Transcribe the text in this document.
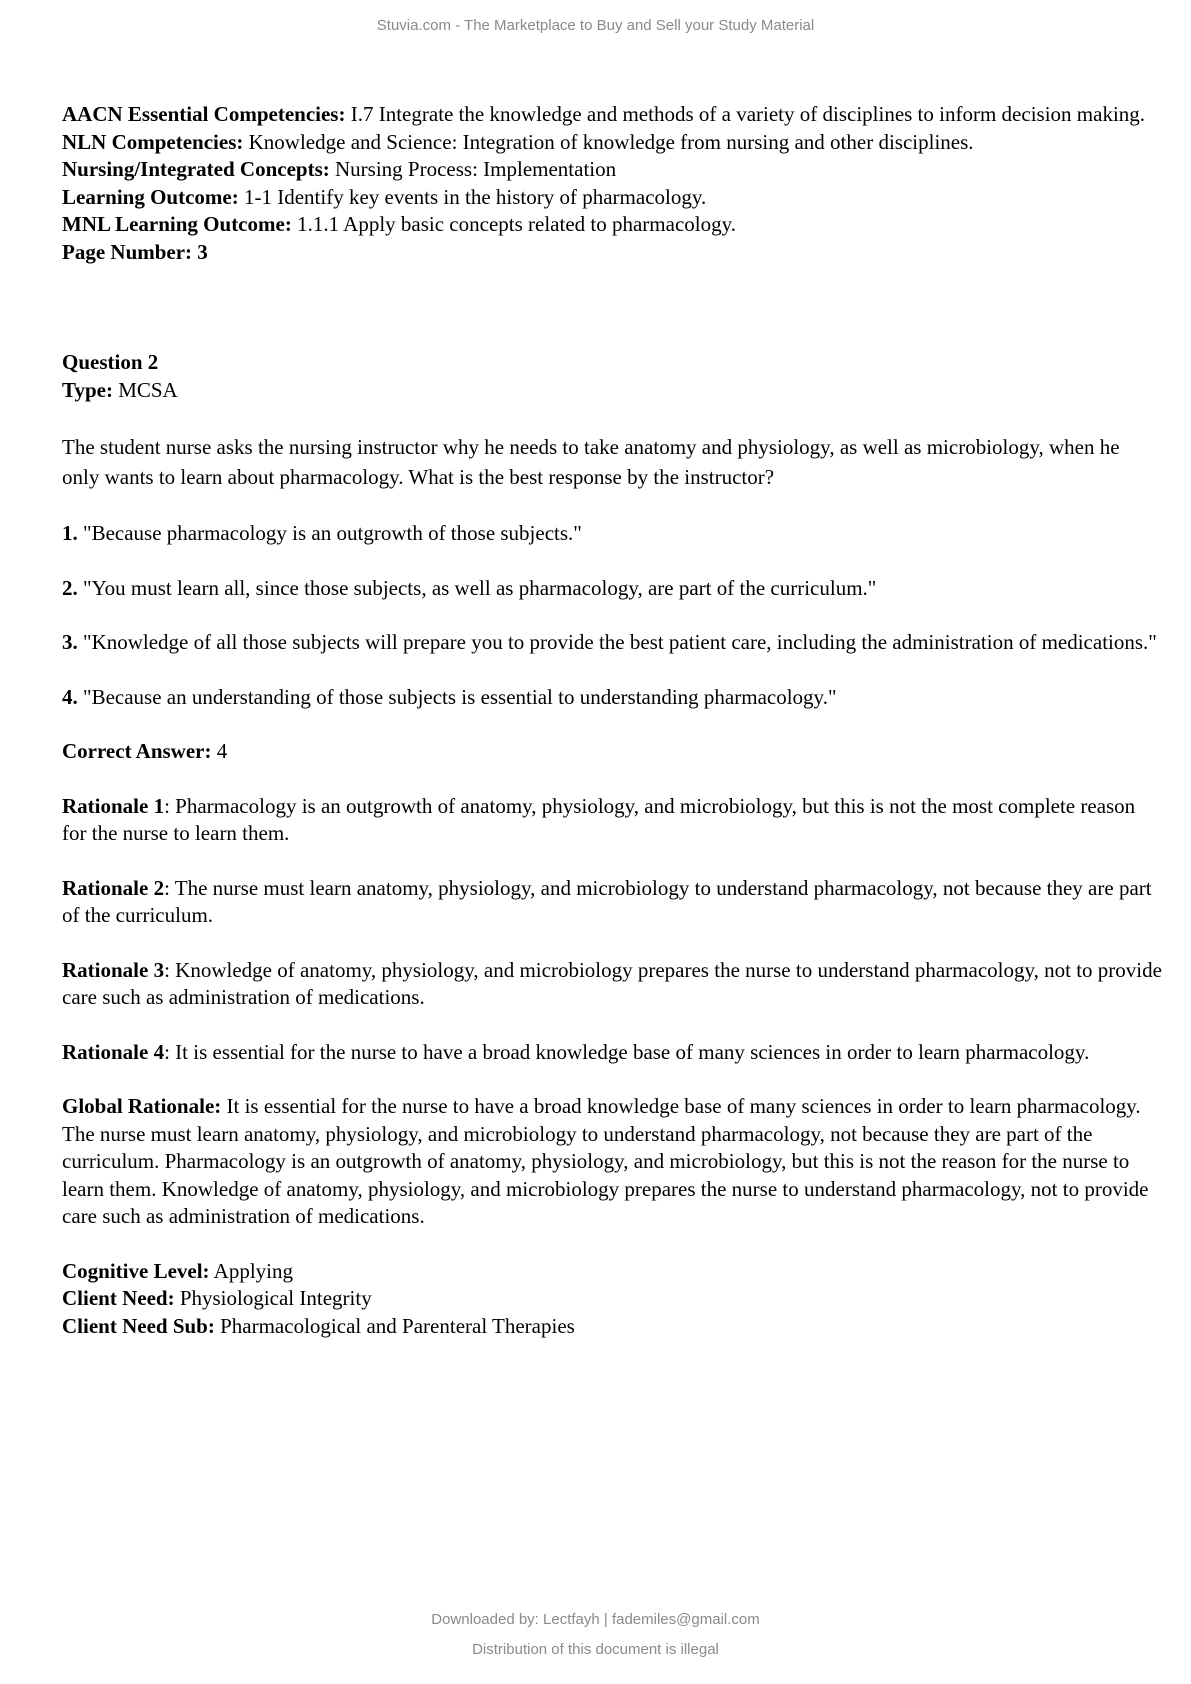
Stuvia.com - The Marketplace to Buy and Sell your Study Material

AACN Essential Competencies: I.7 Integrate the knowledge and methods of a variety of disciplines to inform decision making.

NLN Competencies: Knowledge and Science: Integration of knowledge from nursing and other disciplines.

Nursing/Integrated Concepts: Nursing Process: Implementation

Learning Outcome: 1-1 Identify key events in the history of pharmacology.

MNL Learning Outcome: 1.1.1 Apply basic concepts related to pharmacology.

Page Number: 3

Question 2

Type: MCSA

The student nurse asks the nursing instructor why he needs to take anatomy and physiology, as well as microbiology, when he only wants to learn about pharmacology. What is the best response by the instructor?

1. "Because pharmacology is an outgrowth of those subjects."

2. "You must learn all, since those subjects, as well as pharmacology, are part of the curriculum."

3. "Knowledge of all those subjects will prepare you to provide the best patient care, including the administration of medications."

4. "Because an understanding of those subjects is essential to understanding pharmacology."

Correct Answer: 4

Rationale 1: Pharmacology is an outgrowth of anatomy, physiology, and microbiology, but this is not the most complete reason for the nurse to learn them.

Rationale 2: The nurse must learn anatomy, physiology, and microbiology to understand pharmacology, not because they are part of the curriculum.

Rationale 3: Knowledge of anatomy, physiology, and microbiology prepares the nurse to understand pharmacology, not to provide care such as administration of medications.

Rationale 4: It is essential for the nurse to have a broad knowledge base of many sciences in order to learn pharmacology.

Global Rationale: It is essential for the nurse to have a broad knowledge base of many sciences in order to learn pharmacology. The nurse must learn anatomy, physiology, and microbiology to understand pharmacology, not because they are part of the curriculum. Pharmacology is an outgrowth of anatomy, physiology, and microbiology, but this is not the reason for the nurse to learn them. Knowledge of anatomy, physiology, and microbiology prepares the nurse to understand pharmacology, not to provide care such as administration of medications.

Cognitive Level: Applying

Client Need: Physiological Integrity

Client Need Sub: Pharmacological and Parenteral Therapies

Downloaded by: Lectfayh | fademiles@gmail.com
Distribution of this document is illegal
